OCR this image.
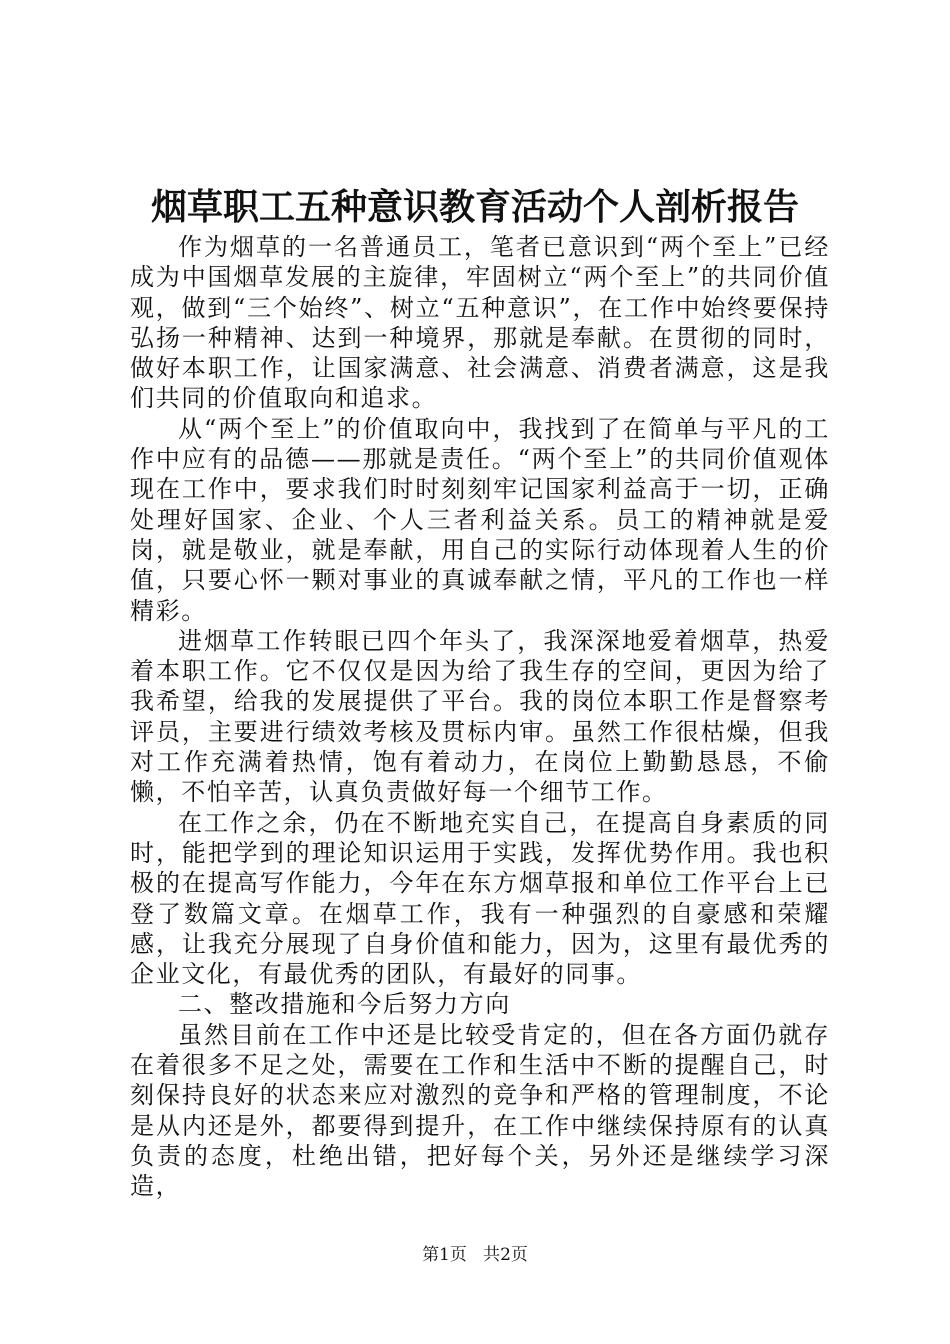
烟草职工五种意识教育活动个人剖析报告

作为烟草的一名普通员工，笔者已意识到“两个至上”已经成为中国烟草发展的主旋律，牢固树立“两个至上”的共同价值观，做到“三个始终”、树立“五种意识”，在工作中始终要保持弘扬一种精神、达到一种境界，那就是奉献。在贯彻的同时，做好本职工作，让国家满意、社会满意、消费者满意，这是我们共同的价值取向和追求。

从“两个至上”的价值取向中，我找到了在简单与平凡的工作中应有的品德——那就是责任。“两个至上”的共同价值观体现在工作中，要求我们时时刻刻牢记国家利益高于一切，正确处理好国家、企业、个人三者利益关系。员工的精神就是爱岗，就是敬业，就是奉献，用自己的实际行动体现着人生的价值，只要心怀一颗对事业的真诚奉献之情，平凡的工作也一样精彩。

进烟草工作转眼已四个年头了，我深深地爱着烟草，热爱着本职工作。它不仅仅是因为给了我生存的空间，更因为给了我希望，给我的发展提供了平台。我的岗位本职工作是督察考评员，主要进行绩效考核及贯标内审。虽然工作很枯燥，但我对工作充满着热情，饱有着动力，在岗位上勤勤恳恳，不偷懒，不怕辛苦，认真负责做好每一个细节工作。

在工作之余，仍在不断地充实自己，在提高自身素质的同时，能把学到的理论知识运用于实践，发挥优势作用。我也积极的在提高写作能力，今年在东方烟草报和单位工作平台上已登了数篇文章。在烟草工作，我有一种强烈的自豪感和荣耀感，让我充分展现了自身价值和能力，因为，这里有最优秀的企业文化，有最优秀的团队，有最好的同事。

二、整改措施和今后努力方向

虽然目前在工作中还是比较受肯定的，但在各方面仍就存在着很多不足之处，需要在工作和生活中不断的提醒自己，时刻保持良好的状态来应对激烈的竞争和严格的管理制度，不论是从内还是外，都要得到提升，在工作中继续保持原有的认真负责的态度，杜绝出错，把好每个关，另外还是继续学习深造，

第1页 共2页
